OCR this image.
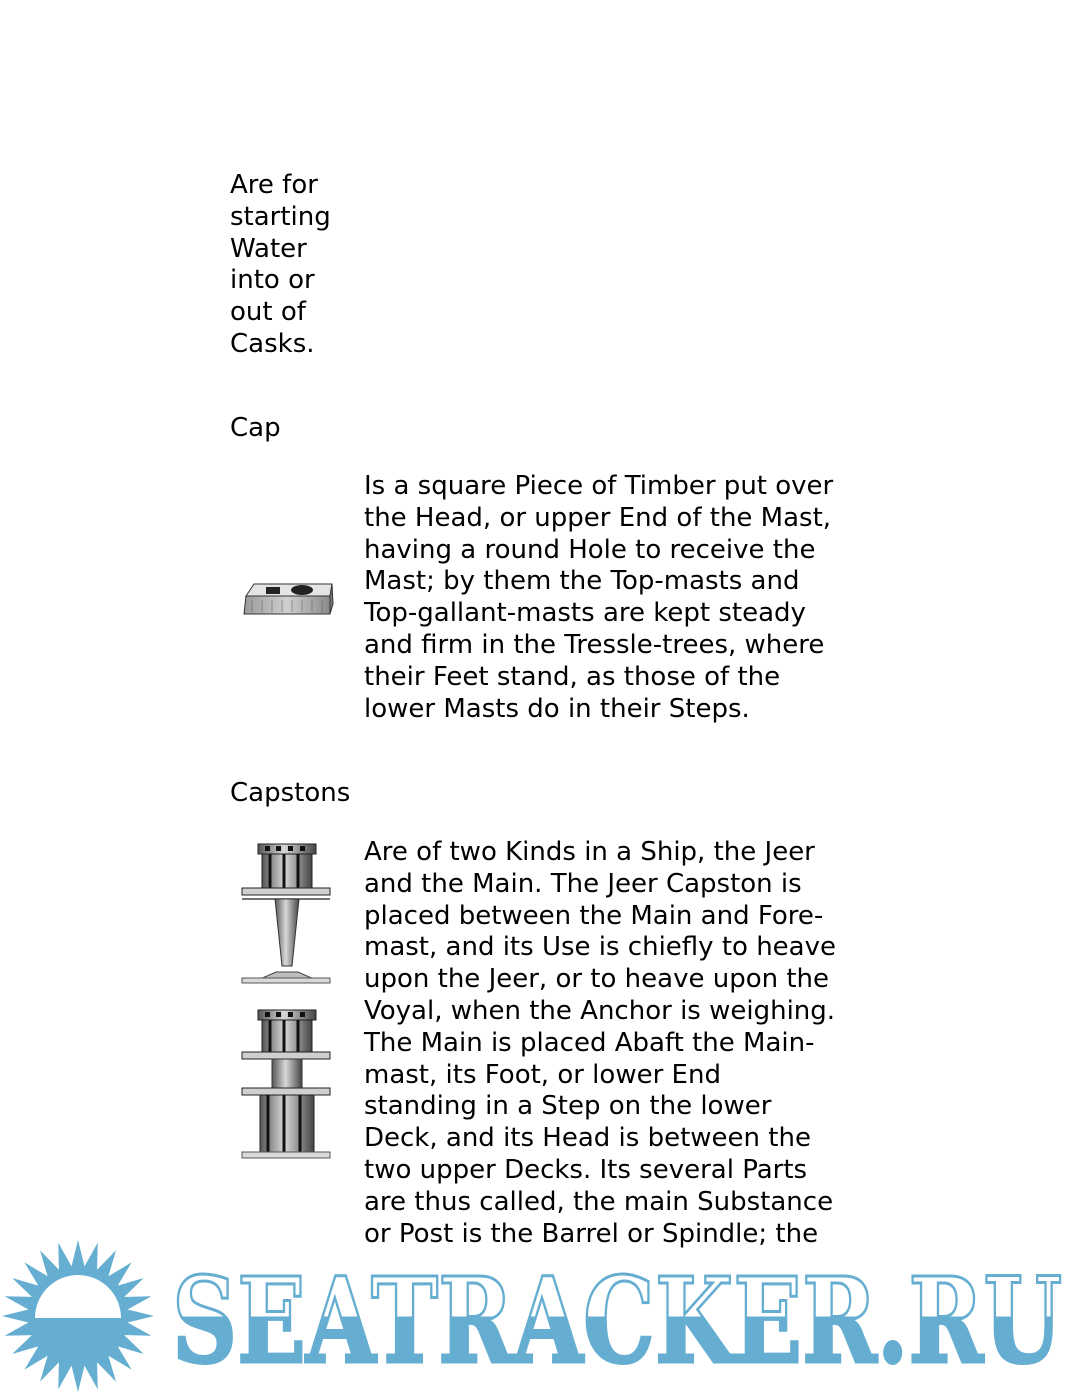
Are for
starting
Water
into or
out of
Casks.
Cap
Is a square Piece of Timber put over
the Head, or upper End of the Mast,
having a round Hole to receive the
Mast; by them the Top-masts and
Top-gallant-masts are kept steady
and firm in the Tressle-trees, where
their Feet stand, as those of the
lower Masts do in their Steps.
Capstons
Are of two Kinds in a Ship, the Jeer
and the Main. The Jeer Capston is
placed between the Main and Fore-
mast, and its Use is chiefly to heave
upon the Jeer, or to heave upon the
Voyal, when the Anchor is weighing.
The Main is placed Abaft the Main-
mast, its Foot, or lower End
standing in a Step on the lower
Deck, and its Head is between the
two upper Decks. Its several Parts
are thus called, the main Substance
or Post is the Barrel or Spindle; the
SEATRACKER.RU
